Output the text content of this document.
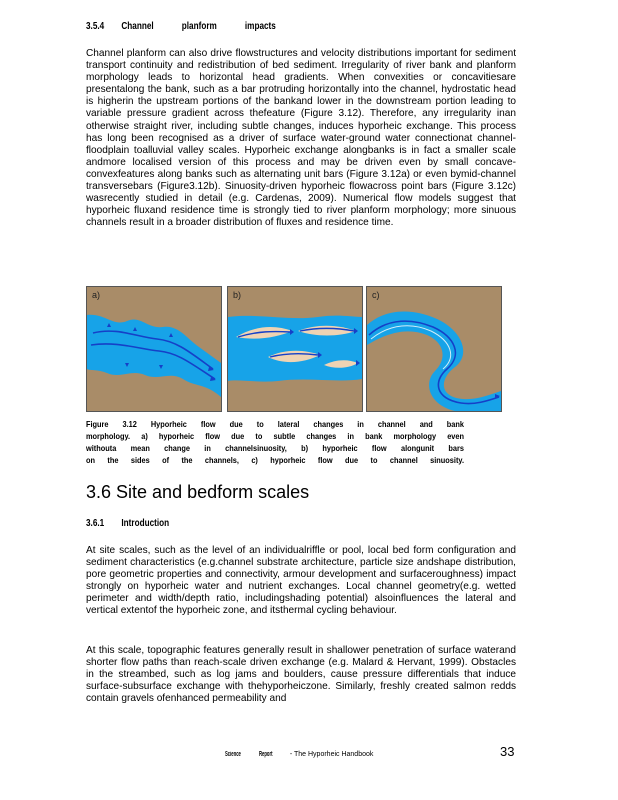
3.5.4 Channel	planform	impacts

Channel planform can also drive flowstructures and velocity distributions important for sediment transport continuity and redistribution of bed sediment. Irregularity of river bank and planform morphology leads to horizontal head gradients. When convexities or concavitiesare presentalong the bank, such as a bar protruding horizontally into the channel, hydrostatic head is higherin the upstream portions of the bankand lower in the downstream portion leading to variable pressure gradient across thefeature (Figure 3.12). Therefore, any irregularity inan otherwise straight river, including subtle changes, induces hyporheic exchange. This process has long been recognised as a driver of surface water-ground water connectionat channel-floodplain toalluvial valley scales. Hyporheic exchange alongbanks is in fact a smaller scale andmore localised version of this process and may be driven even by small concave-convexfeatures along banks such as alternating unit bars (Figure 3.12a) or even bymid-channel transversebars (Figure3.12b). Sinuosity-driven hyporheic flowacross point bars (Figure 3.12c) wasrecently studied in detail (e.g. Cardenas, 2009). Numerical flow models suggest that hyporheic fluxand residence time is strongly tied to river planform morphology; more sinuous channels result in a broader distribution of fluxes and residence time.

a)	b)	c)
Figure 3.12 Hyporheic flow due to lateral changes in channel and bank
morphology. a) hyporheic flow due to subtle changes in bank morphology even
withouta mean change in channelsinuosity, b) hyporheic flow alongunit bars
on the sides of the channels, c) hyporheic flow due to channel sinuosity.
3.6 Site and bedform scales
3.6.1 Introduction

At site scales, such as the level of an individualriffle or pool, local bed form configuration and sediment characteristics (e.g.channel substrate architecture, particle size andshape distribution, pore geometric properties and connectivity, armour development and surfaceroughness) impact strongly on hyporheic water and nutrient exchanges. Local channel geometry(e.g. wetted perimeter and width/depth ratio, includingshading potential) alsoinfluences the lateral and vertical extentof the hyporheic zone, and itsthermal cycling behaviour.

At this scale, topographic features generally result in shallower penetration of surface waterand shorter flow paths than reach-scale driven exchange (e.g. Malard & Hervant, 1999). Obstacles in the streambed, such as log jams and boulders, cause pressure differentials that induce surface-subsurface exchange with thehyporheiczone. Similarly, freshly created salmon redds contain gravels ofenhanced permeability and

Science	Report - The Hyporheic Handbook	33
